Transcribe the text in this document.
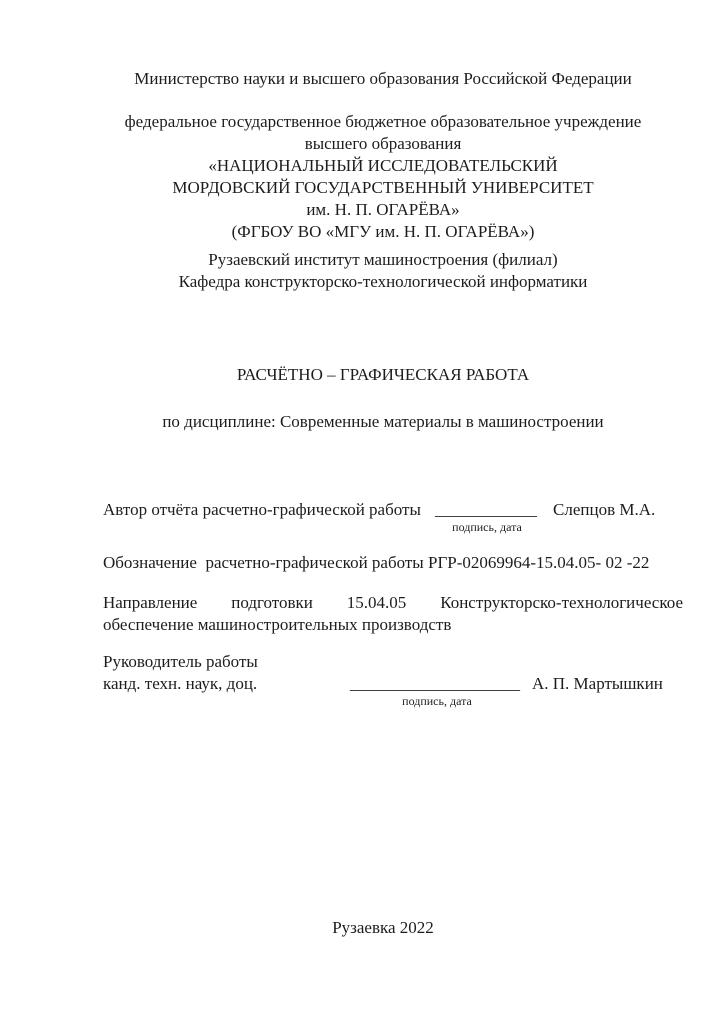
Министерство науки и высшего образования Российской Федерации
федеральное государственное бюджетное образовательное учреждение
высшего образования
«НАЦИОНАЛЬНЫЙ ИССЛЕДОВАТЕЛЬСКИЙ
МОРДОВСКИЙ ГОСУДАРСТВЕННЫЙ УНИВЕРСИТЕТ
им. Н. П. ОГАРЁВА»
(ФГБОУ ВО «МГУ им. Н. П. ОГАРЁВА»)
Рузаевский институт машиностроения (филиал)
Кафедра конструкторско-технологической информатики
РАСЧЁТНО – ГРАФИЧЕСКАЯ РАБОТА
по дисциплине: Современные материалы в машиностроении
Автор отчёта расчетно-графической работы ____________
подпись, дата
Слепцов М.А.
Обозначение  расчетно-графической работы РГР-02069964-15.04.05- 02 -22
Направление подготовки 15.04.05 Конструкторско-технологическое
обеспечение машиностроительных производств
Руководитель работы
канд. техн. наук, доц.	____________________
подпись, дата
А. П. Мартышкин
Рузаевка 2022
